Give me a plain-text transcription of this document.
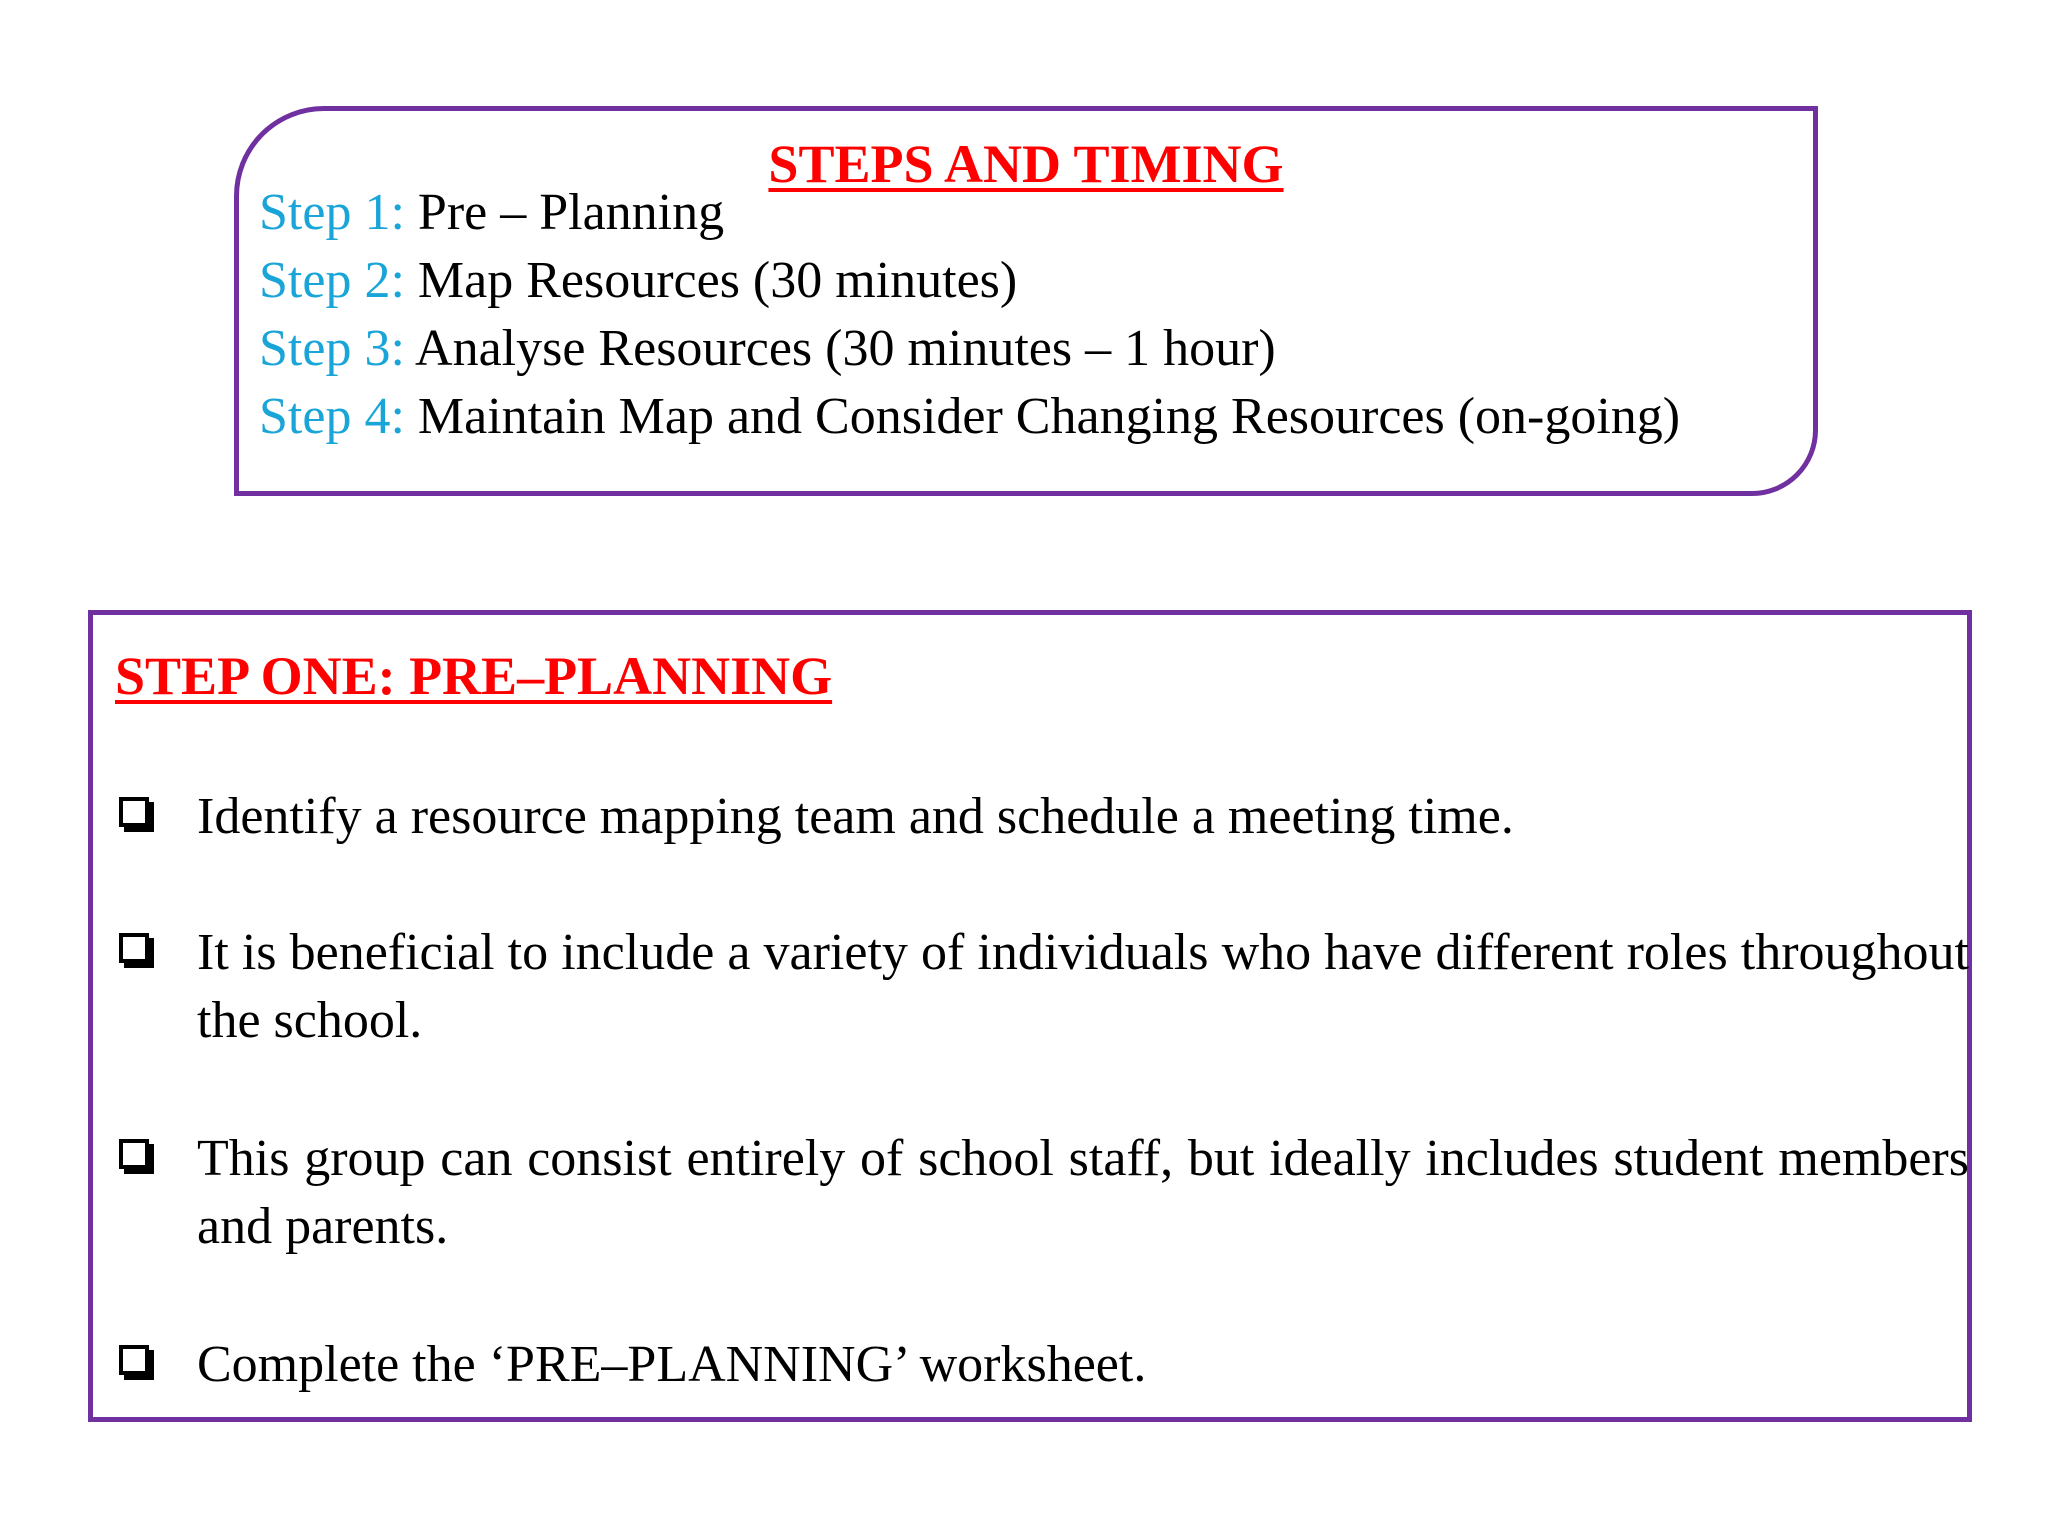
STEPS AND TIMING
Step 1: Pre – Planning
Step 2: Map Resources (30 minutes)
Step 3: Analyse Resources (30 minutes – 1 hour)
Step 4: Maintain Map and Consider Changing Resources (on-going)
STEP ONE: PRE–PLANNING
Identify a resource mapping team and schedule a meeting time.
It is beneficial to include a variety of individuals who have different roles throughout the school.
This group can consist entirely of school staff, but ideally includes student members and parents.
Complete the ‘PRE–PLANNING’ worksheet.
